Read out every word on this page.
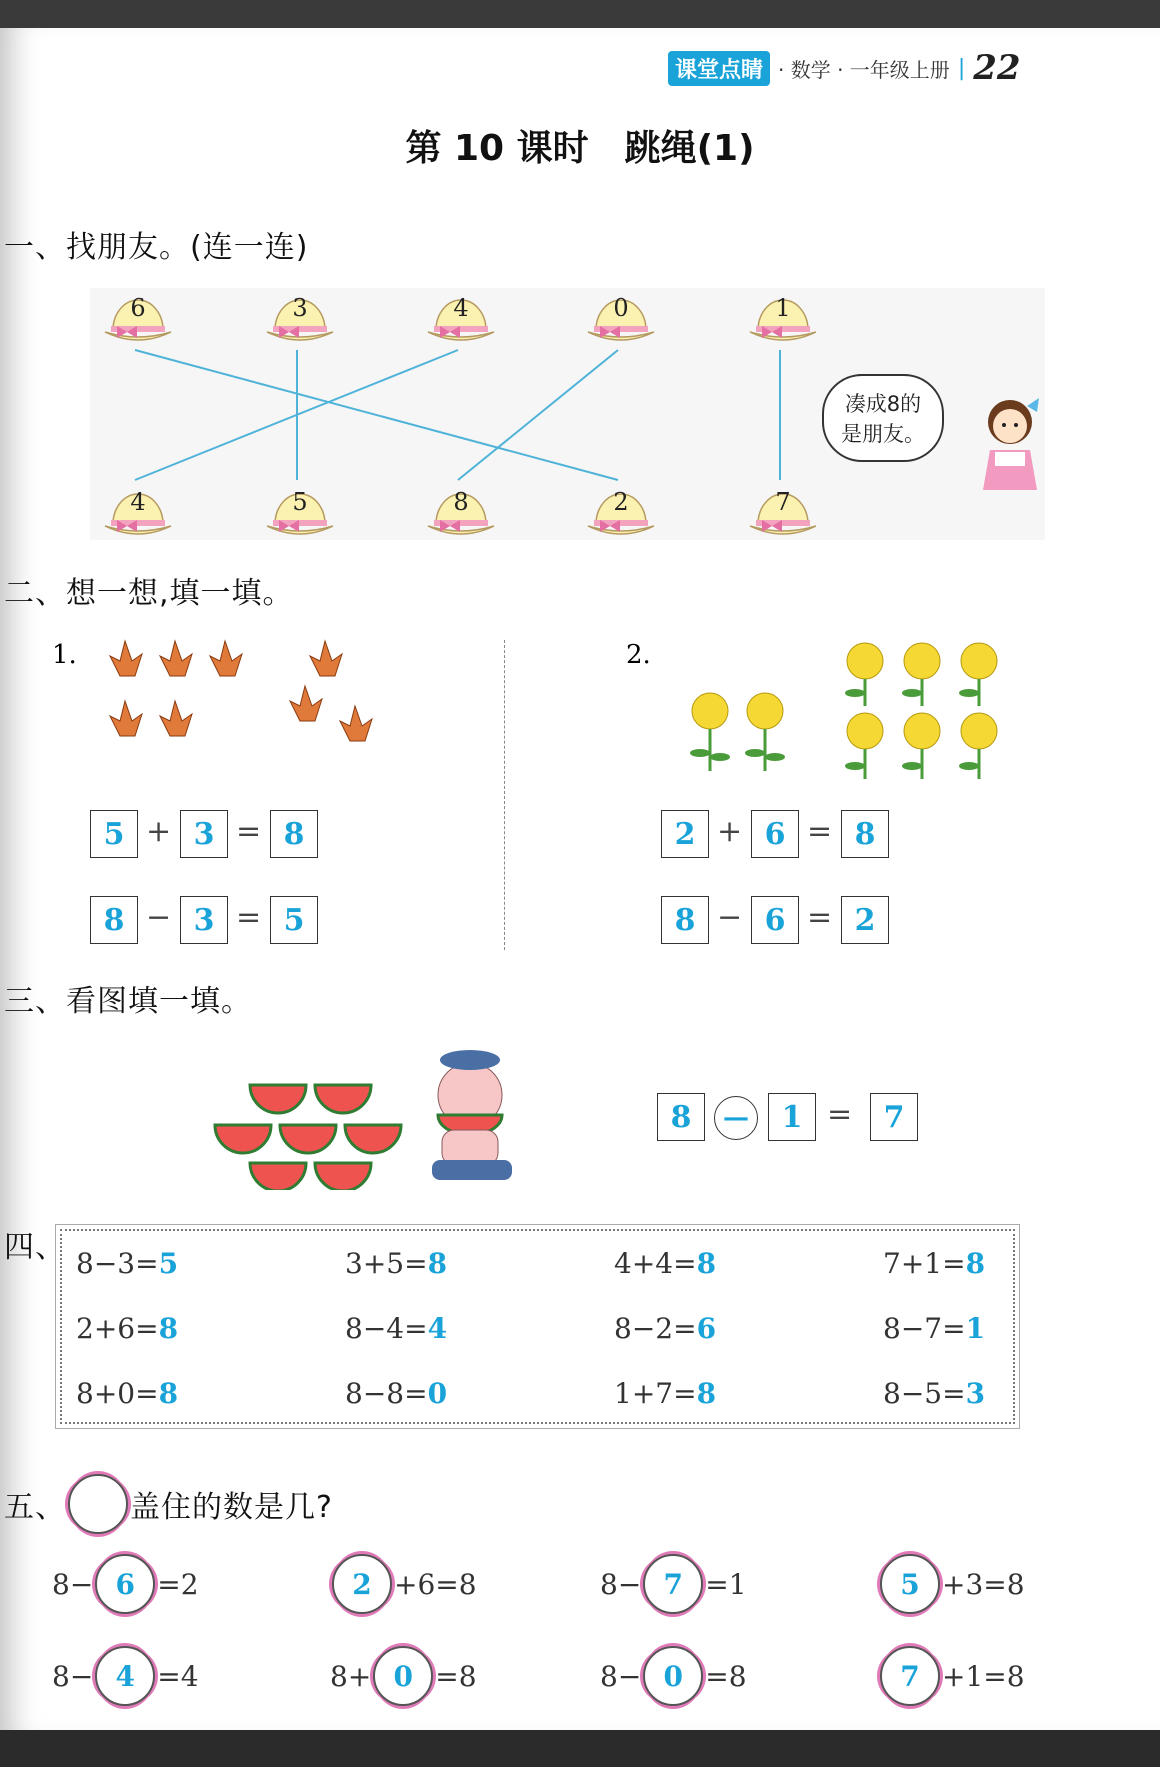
课堂点睛 · 数学 · 一年级上册 | 22
第 10 课时　跳绳(1)
一、找朋友。(连一连)
6	3	4	0	1
4	5	8	2	7
凑成8的
是朋友。
二、想一想,填一填。
1.	2.
5 + 3 = 8
8 − 3 = 5
2 + 6 = 8
8 − 6 = 2
三、看图填一填。
8	—	1 =	7
四、 8−3=5	3+5=8	4+4=8	7+1=8
2+6=8	8−4=4	8−2=6	8−7=1
8+0=8	8−8=0	1+7=8	8−5=3
五、 盖住的数是几?
8− 6 =2	2 +6=8	8− 7 =1	5 +3=8
8− 4 =4	8+ 0 =8	8− 0 =8	7 +1=8
